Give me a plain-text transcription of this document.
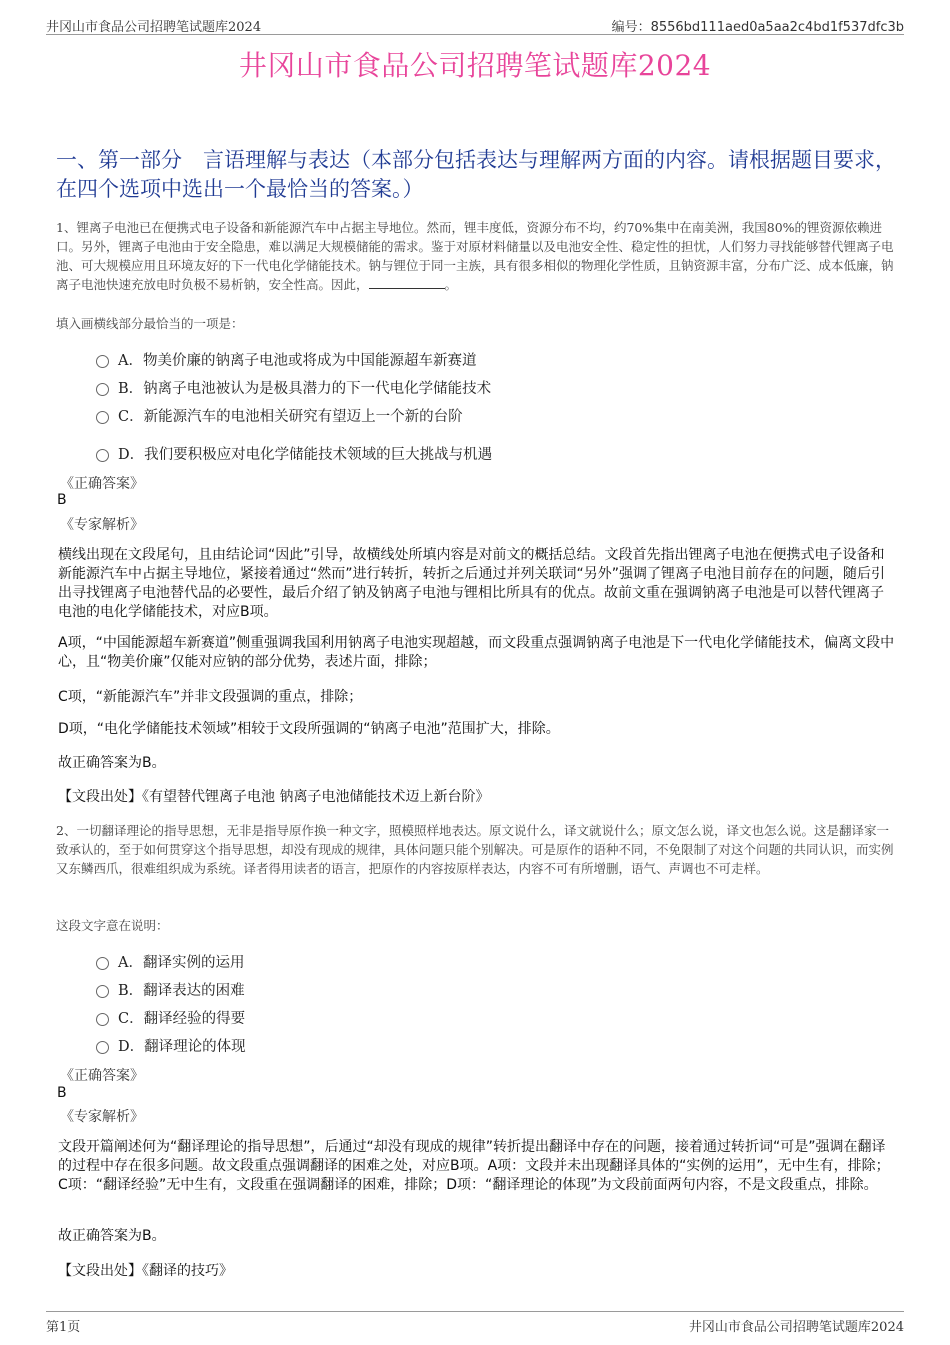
井冈山市食品公司招聘笔试题库2024	编号：8556bd111aed0a5aa2c4bd1f537dfc3b
井冈山市食品公司招聘笔试题库2024
一、第一部分　言语理解与表达（本部分包括表达与理解两方面的内容。请根据题目要求，在四个选项中选出一个最恰当的答案。）
1、锂离子电池已在便携式电子设备和新能源汽车中占据主导地位。然而，锂丰度低，资源分布不均，约70%集中在南美洲，我国80%的锂资源依赖进口。另外，锂离子电池由于安全隐患，难以满足大规模储能的需求。鉴于对原材料储量以及电池安全性、稳定性的担忧，人们努力寻找能够替代锂离子电池、可大规模应用且环境友好的下一代电化学储能技术。钠与锂位于同一主族，具有很多相似的物理化学性质，且钠资源丰富，分布广泛、成本低廉，钠离子电池快速充放电时负极不易析钠，安全性高。因此，	。
填入画横线部分最恰当的一项是：
A．物美价廉的钠离子电池或将成为中国能源超车新赛道
B．钠离子电池被认为是极具潜力的下一代电化学储能技术
C．新能源汽车的电池相关研究有望迈上一个新的台阶
D．我们要积极应对电化学储能技术领域的巨大挑战与机遇
《正确答案》
B
《专家解析》
横线出现在文段尾句，且由结论词“因此”引导，故横线处所填内容是对前文的概括总结。文段首先指出锂离子电池在便携式电子设备和新能源汽车中占据主导地位，紧接着通过“然而”进行转折，转折之后通过并列关联词“另外”强调了锂离子电池目前存在的问题，随后引出寻找锂离子电池替代品的必要性，最后介绍了钠及钠离子电池与锂相比所具有的优点。故前文重在强调钠离子电池是可以替代锂离子电池的电化学储能技术，对应B项。
A项，“中国能源超车新赛道”侧重强调我国利用钠离子电池实现超越，而文段重点强调钠离子电池是下一代电化学储能技术，偏离文段中心，且“物美价廉”仅能对应钠的部分优势，表述片面，排除；
C项，“新能源汽车”并非文段强调的重点，排除；
D项，“电化学储能技术领域”相较于文段所强调的“钠离子电池”范围扩大，排除。
故正确答案为B。
【文段出处】《有望替代锂离子电池 钠离子电池储能技术迈上新台阶》
2、一切翻译理论的指导思想，无非是指导原作换一种文字，照模照样地表达。原文说什么，译文就说什么；原文怎么说，译文也怎么说。这是翻译家一致承认的，至于如何贯穿这个指导思想，却没有现成的规律，具体问题只能个别解决。可是原作的语种不同，不免限制了对这个问题的共同认识，而实例又东鳞西爪，很难组织成为系统。译者得用读者的语言，把原作的内容按原样表达，内容不可有所增删，语气、声调也不可走样。
这段文字意在说明：
A．翻译实例的运用
B．翻译表达的困难
C．翻译经验的得要
D．翻译理论的体现
《正确答案》
B
《专家解析》
文段开篇阐述何为“翻译理论的指导思想”，后通过“却没有现成的规律”转折提出翻译中存在的问题，接着通过转折词“可是”强调在翻译的过程中存在很多问题。故文段重点强调翻译的困难之处，对应B项。A项：文段并未出现翻译具体的“实例的运用”，无中生有，排除；C项：“翻译经验”无中生有，文段重在强调翻译的困难，排除；D项：“翻译理论的体现”为文段前面两句内容，不是文段重点，排除。
故正确答案为B。
【文段出处】《翻译的技巧》
第1页	井冈山市食品公司招聘笔试题库2024
